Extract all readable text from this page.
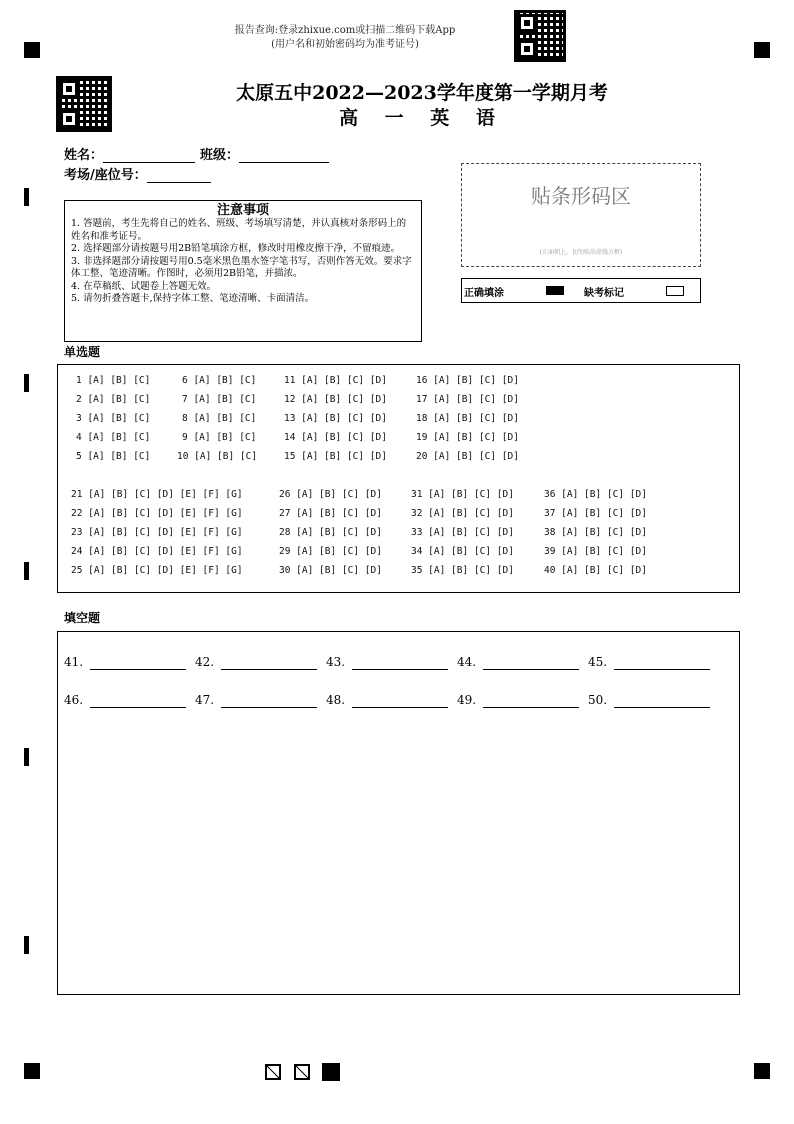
报告查询:登录zhixue.com或扫描二维码下载App
(用户名和初始密码均为准考证号)
太原五中2022—2023学年度第一学期月考
高 一 英 语
姓名：	班级：
考场/座位号：
注意事项
1. 答题前，考生先将自己的姓名、班级、考场填写清楚，并认真核对条形码上的姓名和准考证号。
2. 选择题部分请按题号用2B铅笔填涂方框，修改时用橡皮擦干净，不留痕迹。
3. 非选择题部分请按题号用0.5毫米黑色墨水签字笔书写，否则作答无效。要求字体工整、笔迹清晰。作图时，必须用2B铅笔，并描浓。
4. 在草稿纸、试题卷上答题无效。
5. 请勿折叠答题卡,保持字体工整、笔迹清晰、卡面清洁。
贴条形码区
(正面朝上，切勿贴出虚线方框)
正确填涂	缺考标记
单选题
1 [A] [B] [C]	6 [A] [B] [C]	11 [A] [B] [C] [D]	16 [A] [B] [C] [D]
2 [A] [B] [C]	7 [A] [B] [C]	12 [A] [B] [C] [D]	17 [A] [B] [C] [D]
3 [A] [B] [C]	8 [A] [B] [C]	13 [A] [B] [C] [D]	18 [A] [B] [C] [D]
4 [A] [B] [C]	9 [A] [B] [C]	14 [A] [B] [C] [D]	19 [A] [B] [C] [D]
5 [A] [B] [C]	10 [A] [B] [C]	15 [A] [B] [C] [D]	20 [A] [B] [C] [D]
21 [A] [B] [C] [D] [E] [F] [G]	26 [A] [B] [C] [D]	31 [A] [B] [C] [D]	36 [A] [B] [C] [D]
22 [A] [B] [C] [D] [E] [F] [G]	27 [A] [B] [C] [D]	32 [A] [B] [C] [D]	37 [A] [B] [C] [D]
23 [A] [B] [C] [D] [E] [F] [G]	28 [A] [B] [C] [D]	33 [A] [B] [C] [D]	38 [A] [B] [C] [D]
24 [A] [B] [C] [D] [E] [F] [G]	29 [A] [B] [C] [D]	34 [A] [B] [C] [D]	39 [A] [B] [C] [D]
25 [A] [B] [C] [D] [E] [F] [G]	30 [A] [B] [C] [D]	35 [A] [B] [C] [D]	40 [A] [B] [C] [D]
填空题
41.	42.	43.	44.	45.
46.	47.	48.	49.	50.
